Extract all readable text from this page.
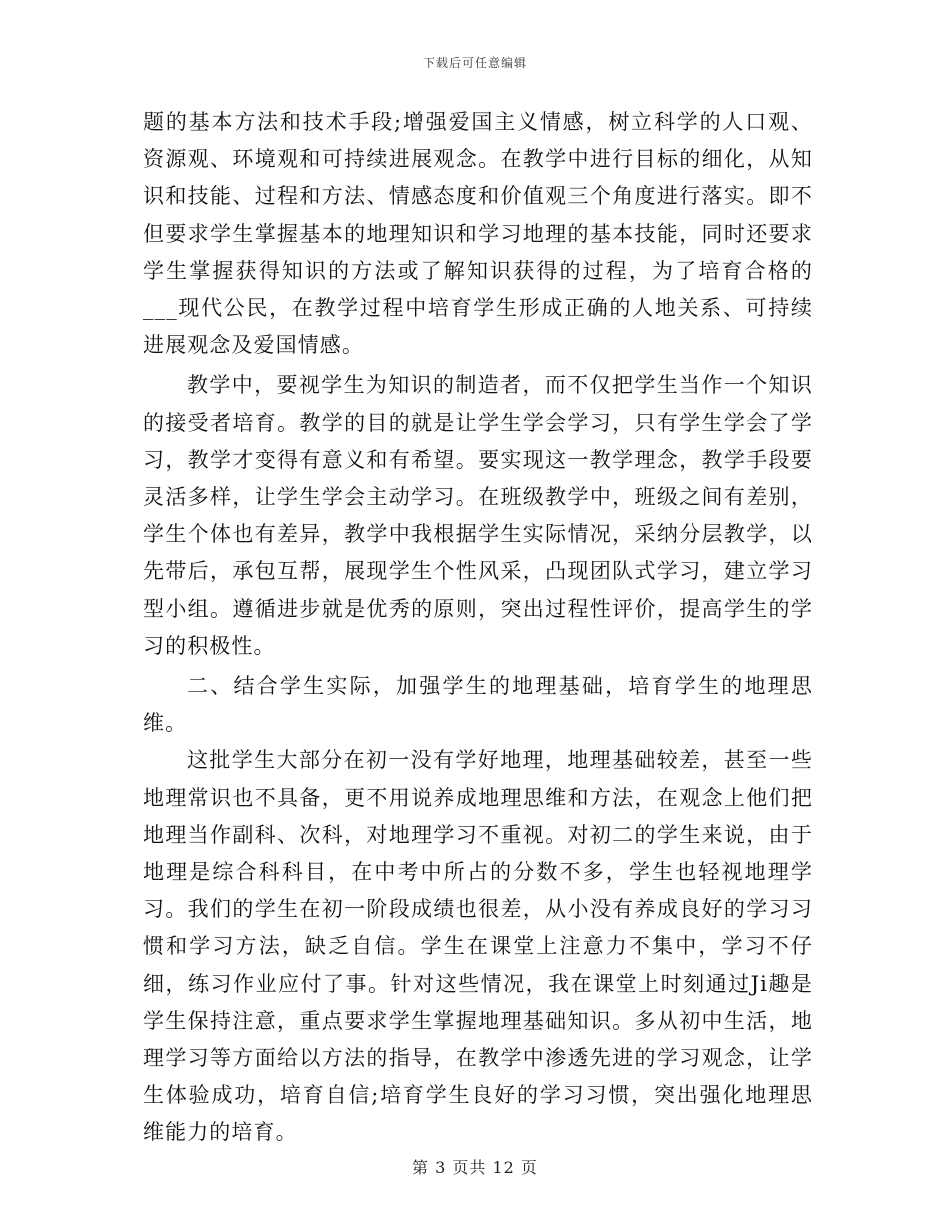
下载后可任意编辑

题的基本方法和技术手段;增强爱国主义情感，树立科学的人口观、资源观、环境观和可持续进展观念。在教学中进行目标的细化，从知识和技能、过程和方法、情感态度和价值观三个角度进行落实。即不但要求学生掌握基本的地理知识和学习地理的基本技能，同时还要求学生掌握获得知识的方法或了解知识获得的过程，为了培育合格的___现代公民，在教学过程中培育学生形成正确的人地关系、可持续进展观念及爱国情感。

教学中，要视学生为知识的制造者，而不仅把学生当作一个知识的接受者培育。教学的目的就是让学生学会学习，只有学生学会了学习，教学才变得有意义和有希望。要实现这一教学理念，教学手段要灵活多样，让学生学会主动学习。在班级教学中，班级之间有差别，学生个体也有差异，教学中我根据学生实际情况，采纳分层教学，以先带后，承包互帮，展现学生个性风采，凸现团队式学习，建立学习型小组。遵循进步就是优秀的原则，突出过程性评价，提高学生的学习的积极性。

二、结合学生实际，加强学生的地理基础，培育学生的地理思维。

这批学生大部分在初一没有学好地理，地理基础较差，甚至一些地理常识也不具备，更不用说养成地理思维和方法，在观念上他们把地理当作副科、次科，对地理学习不重视。对初二的学生来说，由于地理是综合科科目，在中考中所占的分数不多，学生也轻视地理学习。我们的学生在初一阶段成绩也很差，从小没有养成良好的学习习惯和学习方法，缺乏自信。学生在课堂上注意力不集中，学习不仔细，练习作业应付了事。针对这些情况，我在课堂上时刻通过Ji趣是学生保持注意，重点要求学生掌握地理基础知识。多从初中生活，地理学习等方面给以方法的指导，在教学中渗透先进的学习观念，让学生体验成功，培育自信;培育学生良好的学习习惯，突出强化地理思维能力的培育。

第 3 页共 12 页
